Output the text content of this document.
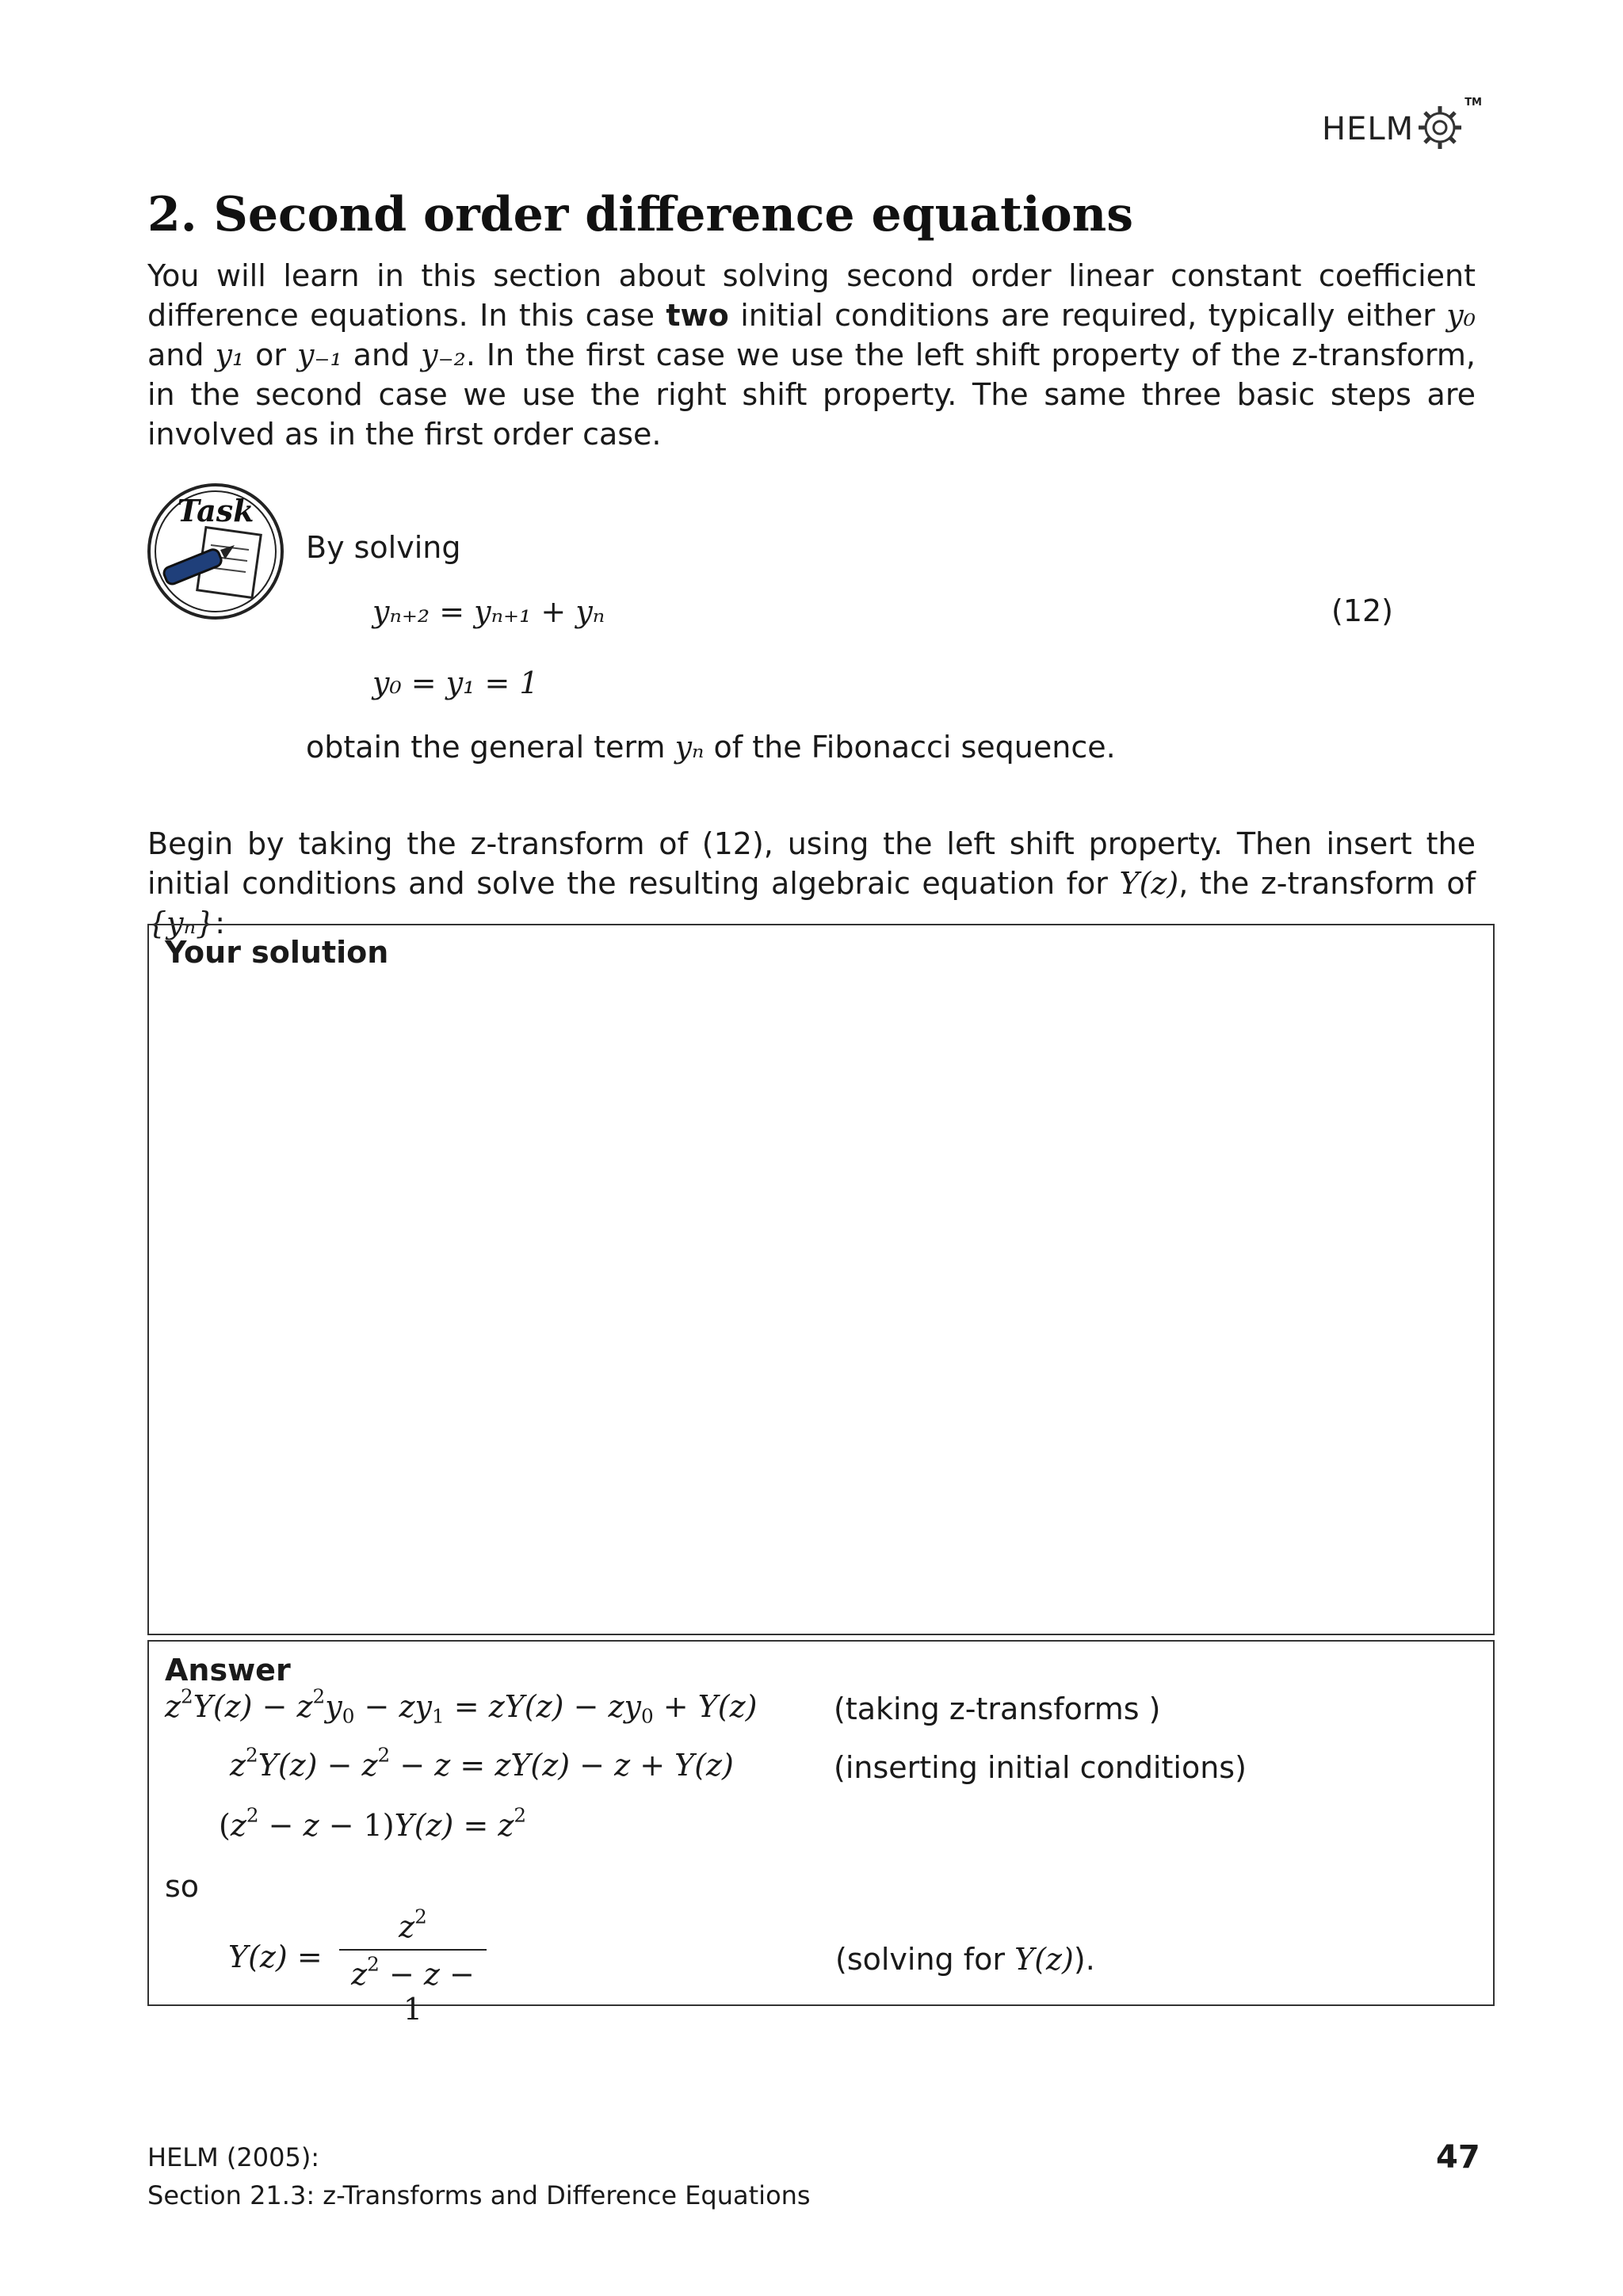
HELM
TM
2. Second order difference equations
You will learn in this section about solving second order linear constant coefficient difference equations. In this case two initial conditions are required, typically either y₀ and y₁ or y₋₁ and y₋₂. In the first case we use the left shift property of the z-transform, in the second case we use the right shift property. The same three basic steps are involved as in the first order case.
Task
By solving
yₙ₊₂ = yₙ₊₁ + yₙ	(12)
y₀ = y₁ = 1
obtain the general term yₙ of the Fibonacci sequence.
Begin by taking the z-transform of (12), using the left shift property. Then insert the initial conditions and solve the resulting algebraic equation for Y(z), the z-transform of {yₙ}:
Your solution
Answer
$z^2Y(z) - z^2y_0 - zy_1 = zY(z) - zy_0 + Y(z)$	(taking z-transforms )
$z^2Y(z) - z^2 - z = zY(z) - z + Y(z)$	(inserting initial conditions)
$(z^2 - z - 1)Y(z) = z^2$
so
$Y(z) = \frac{z^2}{z^2 - z - 1}$	(solving for Y(z)).
HELM (2005):
Section 21.3: z-Transforms and Difference Equations
47
